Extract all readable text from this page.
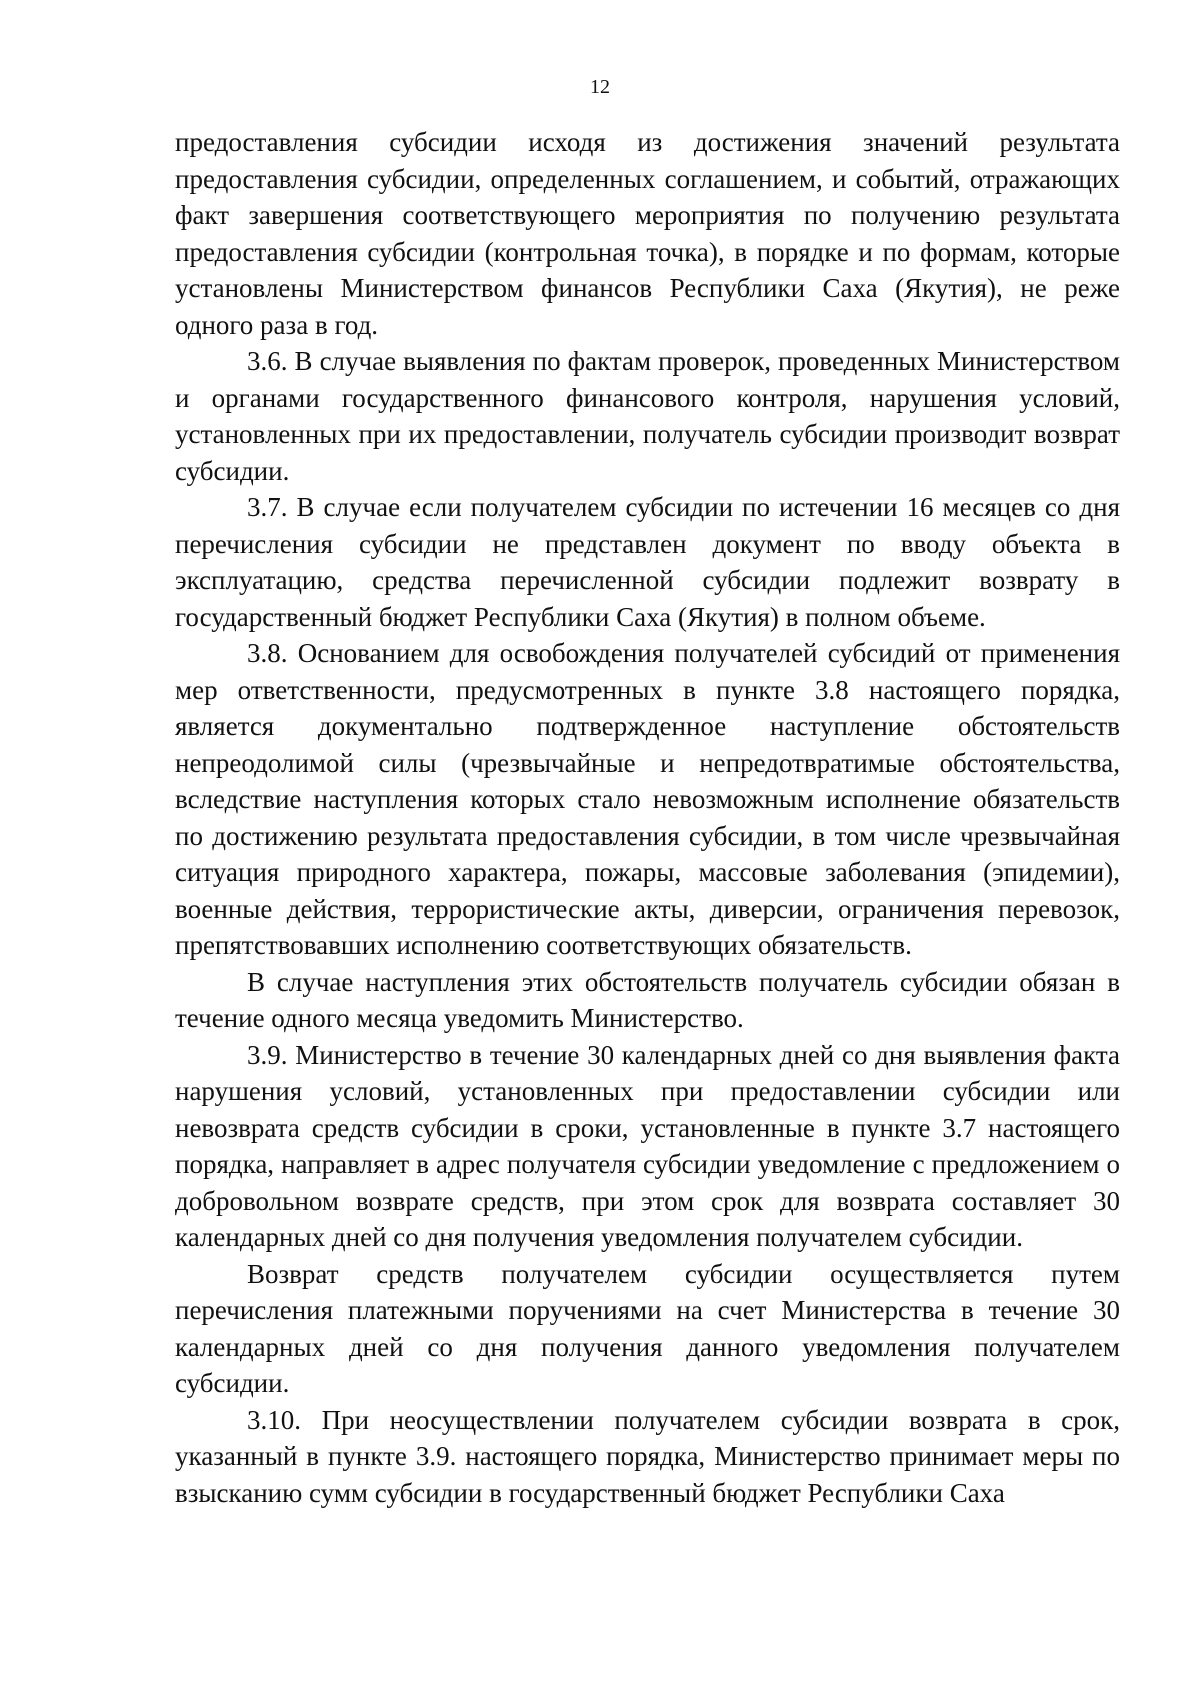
12

предоставления субсидии исходя из достижения значений результата предоставления субсидии, определенных соглашением, и событий, отражающих факт завершения соответствующего мероприятия по получению результата предоставления субсидии (контрольная точка), в порядке и по формам, которые установлены Министерством финансов Республики Саха (Якутия), не реже одного раза в год.

3.6. В случае выявления по фактам проверок, проведенных Министерством и органами государственного финансового контроля, нарушения условий, установленных при их предоставлении, получатель субсидии производит возврат субсидии.

3.7. В случае если получателем субсидии по истечении 16 месяцев со дня перечисления субсидии не представлен документ по вводу объекта в эксплуатацию, средства перечисленной субсидии подлежит возврату в государственный бюджет Республики Саха (Якутия) в полном объеме.

3.8. Основанием для освобождения получателей субсидий от применения мер ответственности, предусмотренных в пункте 3.8 настоящего порядка, является документально подтвержденное наступление обстоятельств непреодолимой силы (чрезвычайные и непредотвратимые обстоятельства, вследствие наступления которых стало невозможным исполнение обязательств по достижению результата предоставления субсидии, в том числе чрезвычайная ситуация природного характера, пожары, массовые заболевания (эпидемии), военные действия, террористические акты, диверсии, ограничения перевозок, препятствовавших исполнению соответствующих обязательств.

В случае наступления этих обстоятельств получатель субсидии обязан в течение одного месяца уведомить Министерство.

3.9. Министерство в течение 30 календарных дней со дня выявления факта нарушения условий, установленных при предоставлении субсидии или невозврата средств субсидии в сроки, установленные в пункте 3.7 настоящего порядка, направляет в адрес получателя субсидии уведомление с предложением о добровольном возврате средств, при этом срок для возврата составляет 30 календарных дней со дня получения уведомления получателем субсидии.

Возврат средств получателем субсидии осуществляется путем перечисления платежными поручениями на счет Министерства в течение 30 календарных дней со дня получения данного уведомления получателем субсидии.

3.10. При неосуществлении получателем субсидии возврата в срок, указанный в пункте 3.9. настоящего порядка, Министерство принимает меры по взысканию сумм субсидии в государственный бюджет Республики Саха
